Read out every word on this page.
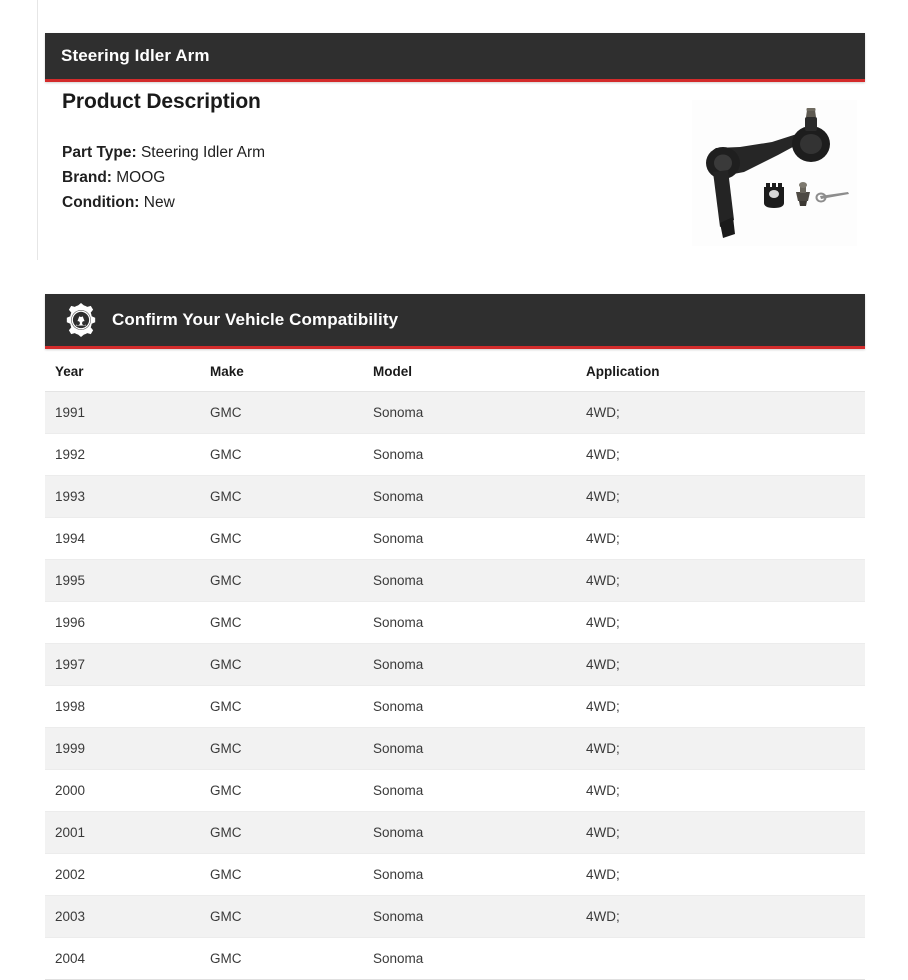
Steering Idler Arm
Product Description
Part Type: Steering Idler Arm
Brand: MOOG
Condition: New
Confirm Your Vehicle Compatibility
Year	Make	Model	Application
1991	GMC	Sonoma	4WD;
1992	GMC	Sonoma	4WD;
1993	GMC	Sonoma	4WD;
1994	GMC	Sonoma	4WD;
1995	GMC	Sonoma	4WD;
1996	GMC	Sonoma	4WD;
1997	GMC	Sonoma	4WD;
1998	GMC	Sonoma	4WD;
1999	GMC	Sonoma	4WD;
2000	GMC	Sonoma	4WD;
2001	GMC	Sonoma	4WD;
2002	GMC	Sonoma	4WD;
2003	GMC	Sonoma	4WD;
2004	GMC	Sonoma	
